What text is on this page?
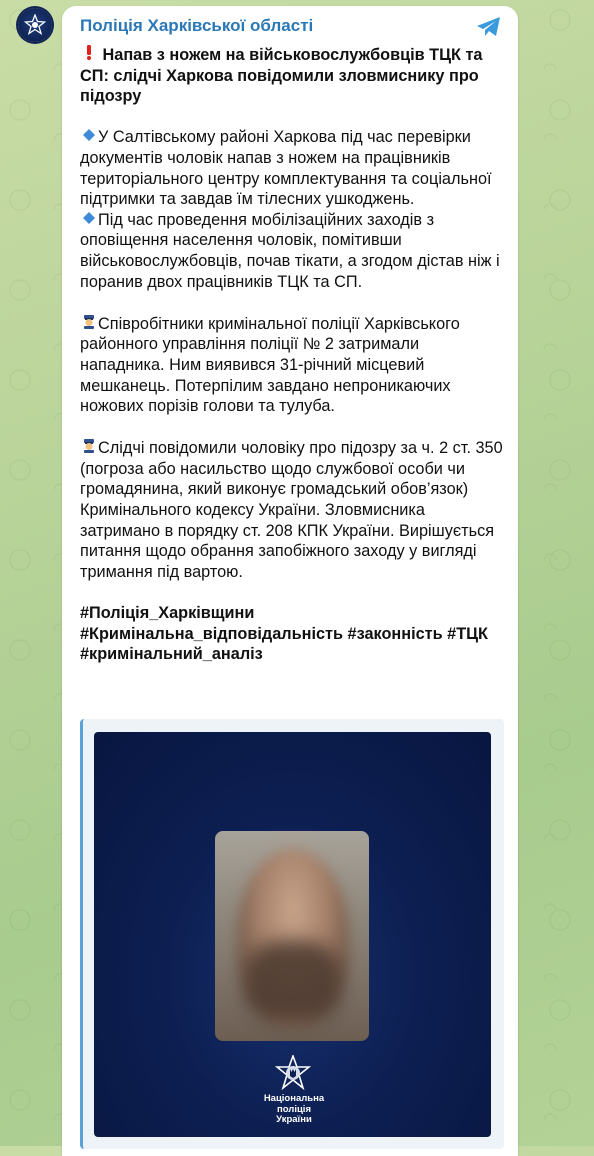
Поліція Харківської області

Напав з ножем на військовослужбовців ТЦК та СП: слідчі Харкова повідомили зловмиснику про підозру

У Салтівському районі Харкова під час перевірки документів чоловік напав з ножем на працівників територіального центру комплектування та соціальної підтримки та завдав їм тілесних ушкоджень.

Під час проведення мобілізаційних заходів з оповіщення населення чоловік, помітивши військовослужбовців, почав тікати, а згодом дістав ніж і поранив двох працівників ТЦК та СП.

Співробітники кримінальної поліції Харківського районного управління поліції № 2 затримали нападника. Ним виявився 31-річний місцевий мешканець. Потерпілим завдано непроникаючих ножових порізів голови та тулуба.

Слідчі повідомили чоловіку про підозру за ч. 2 ст. 350 (погроза або насильство щодо службової особи чи громадянина, який виконує громадський обов’язок) Кримінального кодексу України. Зловмисника затримано в порядку ст. 208 КПК України. Вирішується питання щодо обрання запобіжного заходу у вигляді тримання під вартою.

#Поліція_Харківщини #Кримінальна_відповідальність #законність #ТЦК #кримінальний_аналіз

Національна
поліція
України
